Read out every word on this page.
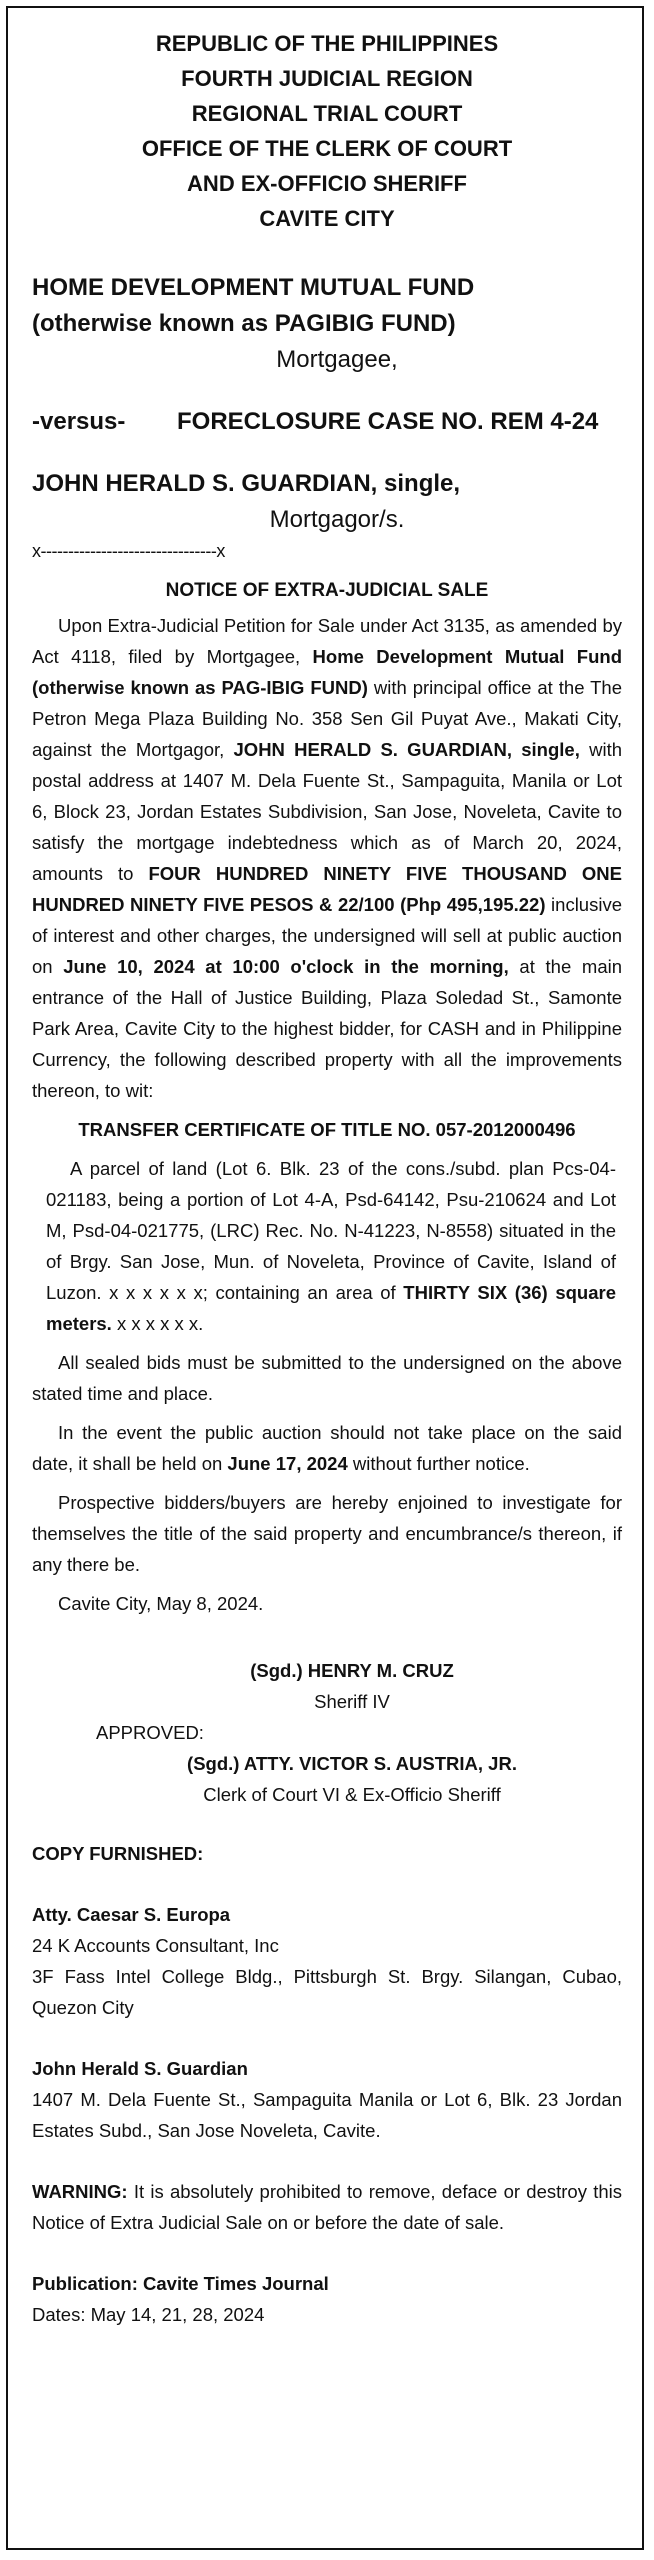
REPUBLIC OF THE PHILIPPINES

FOURTH JUDICIAL REGION

REGIONAL TRIAL COURT

OFFICE OF THE CLERK OF COURT

AND EX-OFFICIO SHERIFF

CAVITE CITY

HOME DEVELOPMENT MUTUAL FUND

(otherwise known as PAGIBIG FUND)

Mortgagee,

-versus-	FORECLOSURE CASE NO. REM 4-24

JOHN HERALD S. GUARDIAN, single,

Mortgagor/s.

x--------------------------------x

NOTICE OF EXTRA-JUDICIAL SALE

Upon Extra-Judicial Petition for Sale under Act 3135, as amended by Act 4118, filed by Mortgagee, Home Development Mutual Fund (otherwise known as PAG-IBIG FUND) with principal office at the The Petron Mega Plaza Building No. 358 Sen Gil Puyat Ave., Makati City, against the Mortgagor, JOHN HERALD S. GUARDIAN, single, with postal address at 1407 M. Dela Fuente St., Sampaguita, Manila or Lot 6, Block 23, Jordan Estates Subdivision, San Jose, Noveleta, Cavite to satisfy the mortgage indebtedness which as of March 20, 2024, amounts to FOUR HUNDRED NINETY FIVE THOUSAND ONE HUNDRED NINETY FIVE PESOS & 22/100 (Php 495,195.22) inclusive of interest and other charges, the undersigned will sell at public auction on June 10, 2024 at 10:00 o'clock in the morning, at the main entrance of the Hall of Justice Building, Plaza Soledad St., Samonte Park Area, Cavite City to the highest bidder, for CASH and in Philippine Currency, the following described property with all the improvements thereon, to wit:

TRANSFER CERTIFICATE OF TITLE NO. 057-2012000496

A parcel of land (Lot 6. Blk. 23 of the cons./subd. plan Pcs-04-021183, being a portion of Lot 4-A, Psd-64142, Psu-210624 and Lot M, Psd-04-021775, (LRC) Rec. No. N-41223, N-8558) situated in the of Brgy. San Jose, Mun. of Noveleta, Province of Cavite, Island of Luzon. x x x x x x; containing an area of THIRTY SIX (36) square meters. x x x x x x.

All sealed bids must be submitted to the undersigned on the above stated time and place.

In the event the public auction should not take place on the said date, it shall be held on June 17, 2024 without further notice.

Prospective bidders/buyers are hereby enjoined to investigate for themselves the title of the said property and encumbrance/s thereon, if any there be.

Cavite City, May 8, 2024.

(Sgd.) HENRY M. CRUZ

Sheriff IV

APPROVED:

(Sgd.) ATTY. VICTOR S. AUSTRIA, JR.

Clerk of Court VI & Ex-Officio Sheriff

COPY FURNISHED:

Atty. Caesar S. Europa

24 K Accounts Consultant, Inc

3F Fass Intel College Bldg., Pittsburgh St. Brgy. Silangan, Cubao, Quezon City

John Herald S. Guardian

1407 M. Dela Fuente St., Sampaguita Manila or Lot 6, Blk. 23 Jordan Estates Subd., San Jose Noveleta, Cavite.

WARNING: It is absolutely prohibited to remove, deface or destroy this Notice of Extra Judicial Sale on or before the date of sale.

Publication: Cavite Times Journal

Dates: May 14, 21, 28, 2024
